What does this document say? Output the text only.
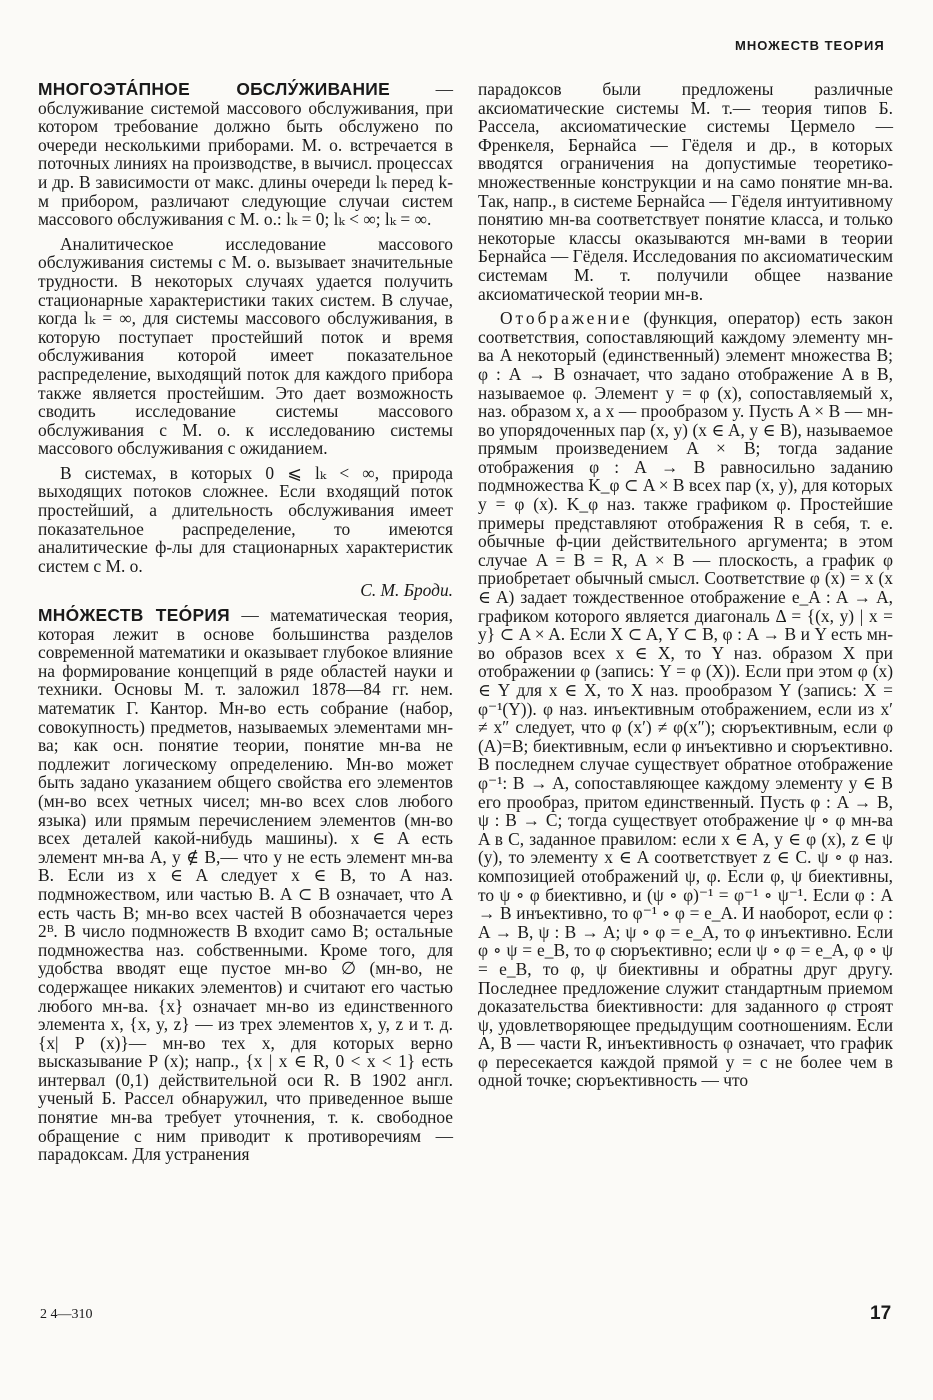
МНОЖЕСТВ ТЕОРИЯ

МНОГОЭТА́ПНОЕ ОБСЛУ́ЖИВАНИЕ — обслуживание системой массового обслуживания, при котором требование должно быть обслужено по очереди несколькими приборами. М. о. встречается в поточных линиях на производстве, в вычисл. процессах и др. В зависимости от макс. длины очереди lₖ перед k-м прибором, различают следующие случаи систем массового обслуживания с М. о.: lₖ = 0; lₖ < ∞; lₖ = ∞.

Аналитическое исследование массового обслуживания системы с М. о. вызывает значительные трудности. В некоторых случаях удается получить стационарные характеристики таких систем. В случае, когда lₖ = ∞, для системы массового обслуживания, в которую поступает простейший поток и время обслуживания которой имеет показательное распределение, выходящий поток для каждого прибора также является простейшим. Это дает возможность сводить исследование системы массового обслуживания с М. о. к исследованию системы массового обслуживания с ожиданием.

В системах, в которых 0 ⩽ lₖ < ∞, природа выходящих потоков сложнее. Если входящий поток простейший, а длительность обслуживания имеет показательное распределение, то имеются аналитические ф-лы для стационарных характеристик систем с М. о.

С. М. Броди.

МНО́ЖЕСТВ ТЕО́РИЯ — математическая теория, которая лежит в основе большинства разделов современной математики и оказывает глубокое влияние на формирование концепций в ряде областей науки и техники. Основы М. т. заложил 1878—84 гг. нем. математик Г. Кантор. Мн-во есть собрание (набор, совокупность) предметов, называемых элементами мн-ва; как осн. понятие теории, понятие мн-ва не подлежит логическому определению. Мн-во может быть задано указанием общего свойства его элементов (мн-во всех четных чисел; мн-во всех слов любого языка) или прямым перечислением элементов (мн-во всех деталей какой-нибудь машины). x ∈ A есть элемент мн-ва A, y ∉ B,— что y не есть элемент мн-ва B. Если из x ∈ A следует x ∈ B, то A наз. подмножеством, или частью B. A ⊂ B означает, что A есть часть B; мн-во всех частей B обозначается через 2ᴮ. В число подмножеств B входит само B; остальные подмножества наз. собственными. Кроме того, для удобства вводят еще пустое мн-во ∅ (мн-во, не содержащее никаких элементов) и считают его частью любого мн-ва. {x} означает мн-во из единственного элемента x, {x, y, z} — из трех элементов x, y, z и т. д. {x| P (x)}— мн-во тех x, для которых верно высказывание P (x); напр., {x | x ∈ R, 0 < x < 1} есть интервал (0,1) действительной оси R. В 1902 англ. ученый Б. Рассел обнаружил, что приведенное выше понятие мн-ва требует уточнения, т. к. свободное обращение с ним приводит к противоречиям — парадоксам. Для устранения

парадоксов были предложены различные аксиоматические системы М. т.— теория типов Б. Рассела, аксиоматические системы Цермело — Френкеля, Бернайса — Гёделя и др., в которых вводятся ограничения на допустимые теоретико-множественные конструкции и на само понятие мн-ва. Так, напр., в системе Бернайса — Гёделя интуитивному понятию мн-ва соответствует понятие класса, и только некоторые классы оказываются мн-вами в теории Бернайса — Гёделя. Исследования по аксиоматическим системам М. т. получили общее название аксиоматической теории мн-в.

Отображение (функция, оператор) есть закон соответствия, сопоставляющий каждому элементу мн-ва A некоторый (единственный) элемент множества B; φ : A → B означает, что задано отображение A в B, называемое φ. Элемент y = φ (x), сопоставляемый x, наз. образом x, а x — прообразом y. Пусть A × B — мн-во упорядоченных пар (x, y) (x ∈ A, y ∈ B), называемое прямым произведением A × B; тогда задание отображения φ : A → B равносильно заданию подмножества K_φ ⊂ A × B всех пар (x, y), для которых y = φ (x). K_φ наз. также графиком φ. Простейшие примеры представляют отображения R в себя, т. е. обычные ф-ции действительного аргумента; в этом случае A = B = R, A × B — плоскость, а график φ приобретает обычный смысл. Соответствие φ (x) = x (x ∈ A) задает тождественное отображение e_A : A → A, графиком которого является диагональ Δ = {(x, y) | x = y} ⊂ A × A. Если X ⊂ A, Y ⊂ B, φ : A → B и Y есть мн-во образов всех x ∈ X, то Y наз. образом X при отображении φ (запись: Y = φ (X)). Если при этом φ (x) ∈ Y для x ∈ X, то X наз. прообразом Y (запись: X = φ⁻¹(Y)). φ наз. инъективным отображением, если из x′ ≠ x″ следует, что φ (x′) ≠ φ(x″); сюръективным, если φ (A)=B; биективным, если φ инъективно и сюръективно. В последнем случае существует обратное отображение φ⁻¹: B → A, сопоставляющее каждому элементу y ∈ B его прообраз, притом единственный. Пусть φ : A → B, ψ : B → C; тогда существует отображение ψ ∘ φ мн-ва A в C, заданное правилом: если x ∈ A, y ∈ φ (x), z ∈ ψ (y), то элементу x ∈ A соответствует z ∈ C. ψ ∘ φ наз. композицией отображений ψ, φ. Если φ, ψ биективны, то ψ ∘ φ биективно, и (ψ ∘ φ)⁻¹ = φ⁻¹ ∘ ψ⁻¹. Если φ : A → B инъективно, то φ⁻¹ ∘ φ = e_A. И наоборот, если φ : A → B, ψ : B → A; ψ ∘ φ = e_A, то φ инъективно. Если φ ∘ ψ = e_B, то φ сюръективно; если ψ ∘ φ = e_A, φ ∘ ψ = e_B, то φ, ψ биективны и обратны друг другу. Последнее предложение служит стандартным приемом доказательства биективности: для заданного φ строят ψ, удовлетворяющее предыдущим соотношениям. Если A, B — части R, инъективность φ означает, что график φ пересекается каждой прямой y = c не более чем в одной точке; сюръективность — что

2 4—310	17
